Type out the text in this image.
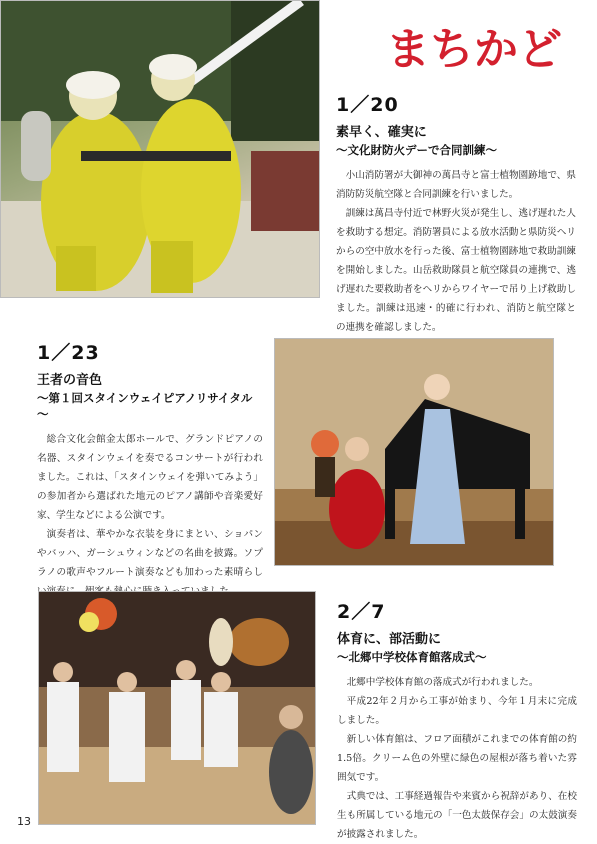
まちかど

1／20

素早く、確実に

～文化財防火デーで合同訓練～

小山消防署が大御神の萬昌寺と富士植物園跡地で、県消防防災航空隊と合同訓練を行いました。

訓練は萬昌寺付近で林野火災が発生し、逃げ遅れた人を救助する想定。消防署員による放水活動と県防災ヘリからの空中放水を行った後、富士植物園跡地で救助訓練を開始しました。山岳救助隊員と航空隊員の連携で、逃げ遅れた要救助者をヘリからワイヤーで吊り上げ救助しました。訓練は迅速・的確に行われ、消防と航空隊との連携を確認しました。

1／23

王者の音色

～第１回スタインウェイピアノリサイタル～

総合文化会館金太郎ホールで、グランドピアノの名器、スタインウェイを奏でるコンサートが行われました。これは、「スタインウェイを弾いてみよう」の参加者から選ばれた地元のピアノ講師や音楽愛好家、学生などによる公演です。

演奏者は、華やかな衣装を身にまとい、ショパンやバッハ、ガーシュウィンなどの名曲を披露。ソプラノの歌声やフルート演奏なども加わった素晴らし

2／7

体育に、部活動に

～北郷中学校体育館落成式～

北郷中学校体育館の落成式が行われました。

平成22年２月から工事が始まり、今年１月末に完成しました。

新しい体育館は、フロア面積がこれまでの体育館の約1.5倍。クリーム色の外壁に緑色の屋根が落ち着いた雰囲気です。

式典では、工事経過報告や来賓から祝辞があり、在校生も所属している地元の「一色太鼓保存会」の太鼓演奏が披露されました。

13
